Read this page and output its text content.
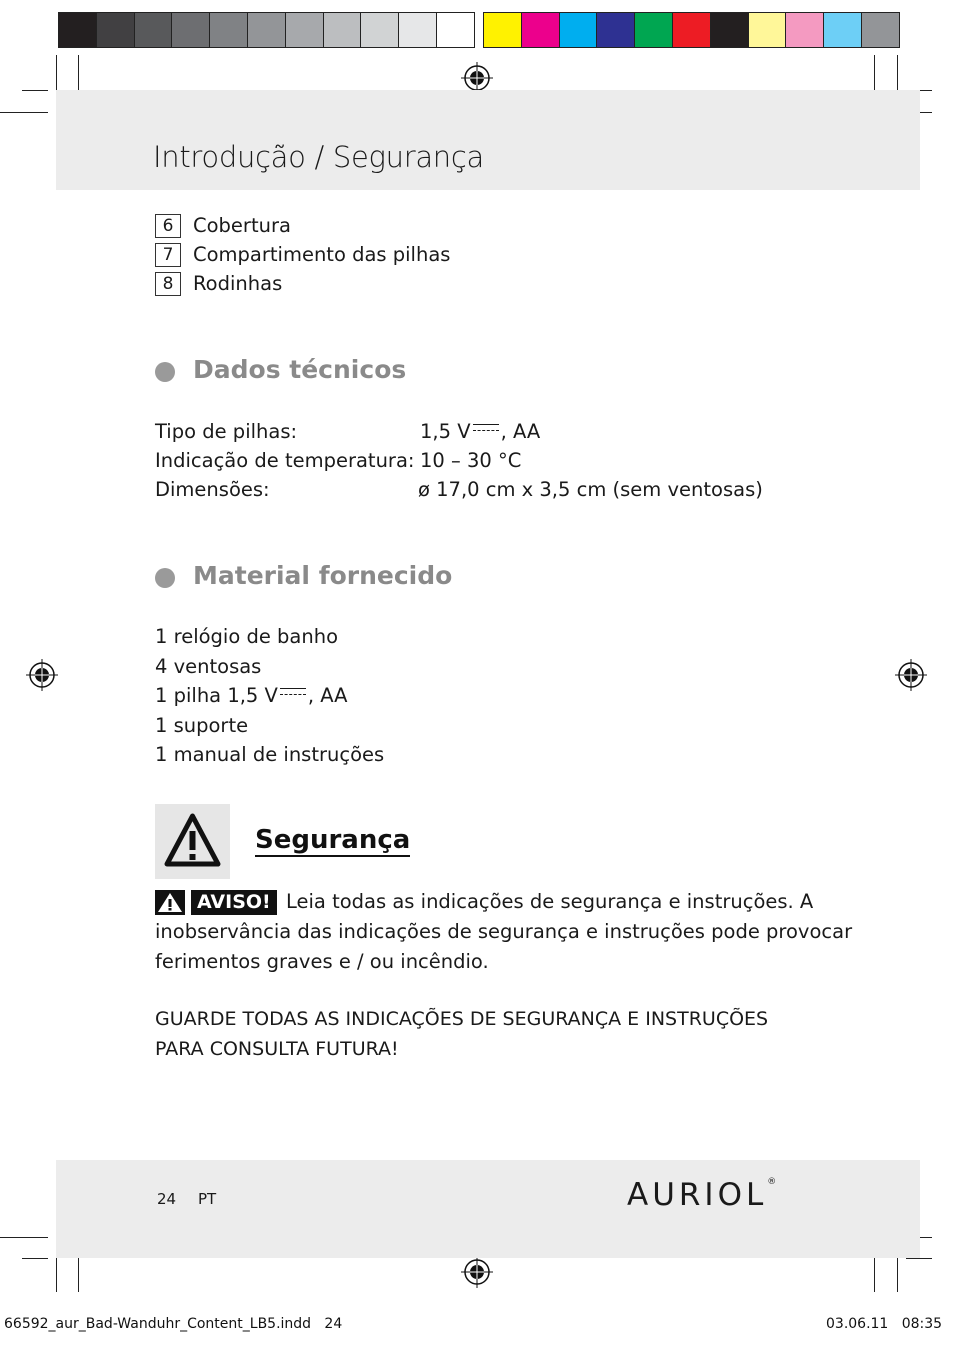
Introdução / Segurança
6	Cobertura
7	Compartimento das pilhas
8	Rodinhas
Dados técnicos
Tipo de pilhas:	1,5 V , AA
Indicação de temperatura: 10 – 30 °C
Dimensões:	ø 17,0 cm x 3,5 cm (sem ventosas)
Material fornecido
1 relógio de banho
4 ventosas
1 pilha 1,5 V , AA
1 suporte
1 manual de instruções
Segurança
AVISO! Leia todas as indicações de segurança e instruções. A
inobservância das indicações de segurança e instruções pode provocar
ferimentos graves e / ou incêndio.
GUARDE TODAS AS INDICAÇÕES DE SEGURANÇA E INSTRUÇÕES
PARA CONSULTA FUTURA!
24 PT	AURIOL®
66592_aur_Bad-Wanduhr_Content_LB5.indd   24	03.06.11   08:35
